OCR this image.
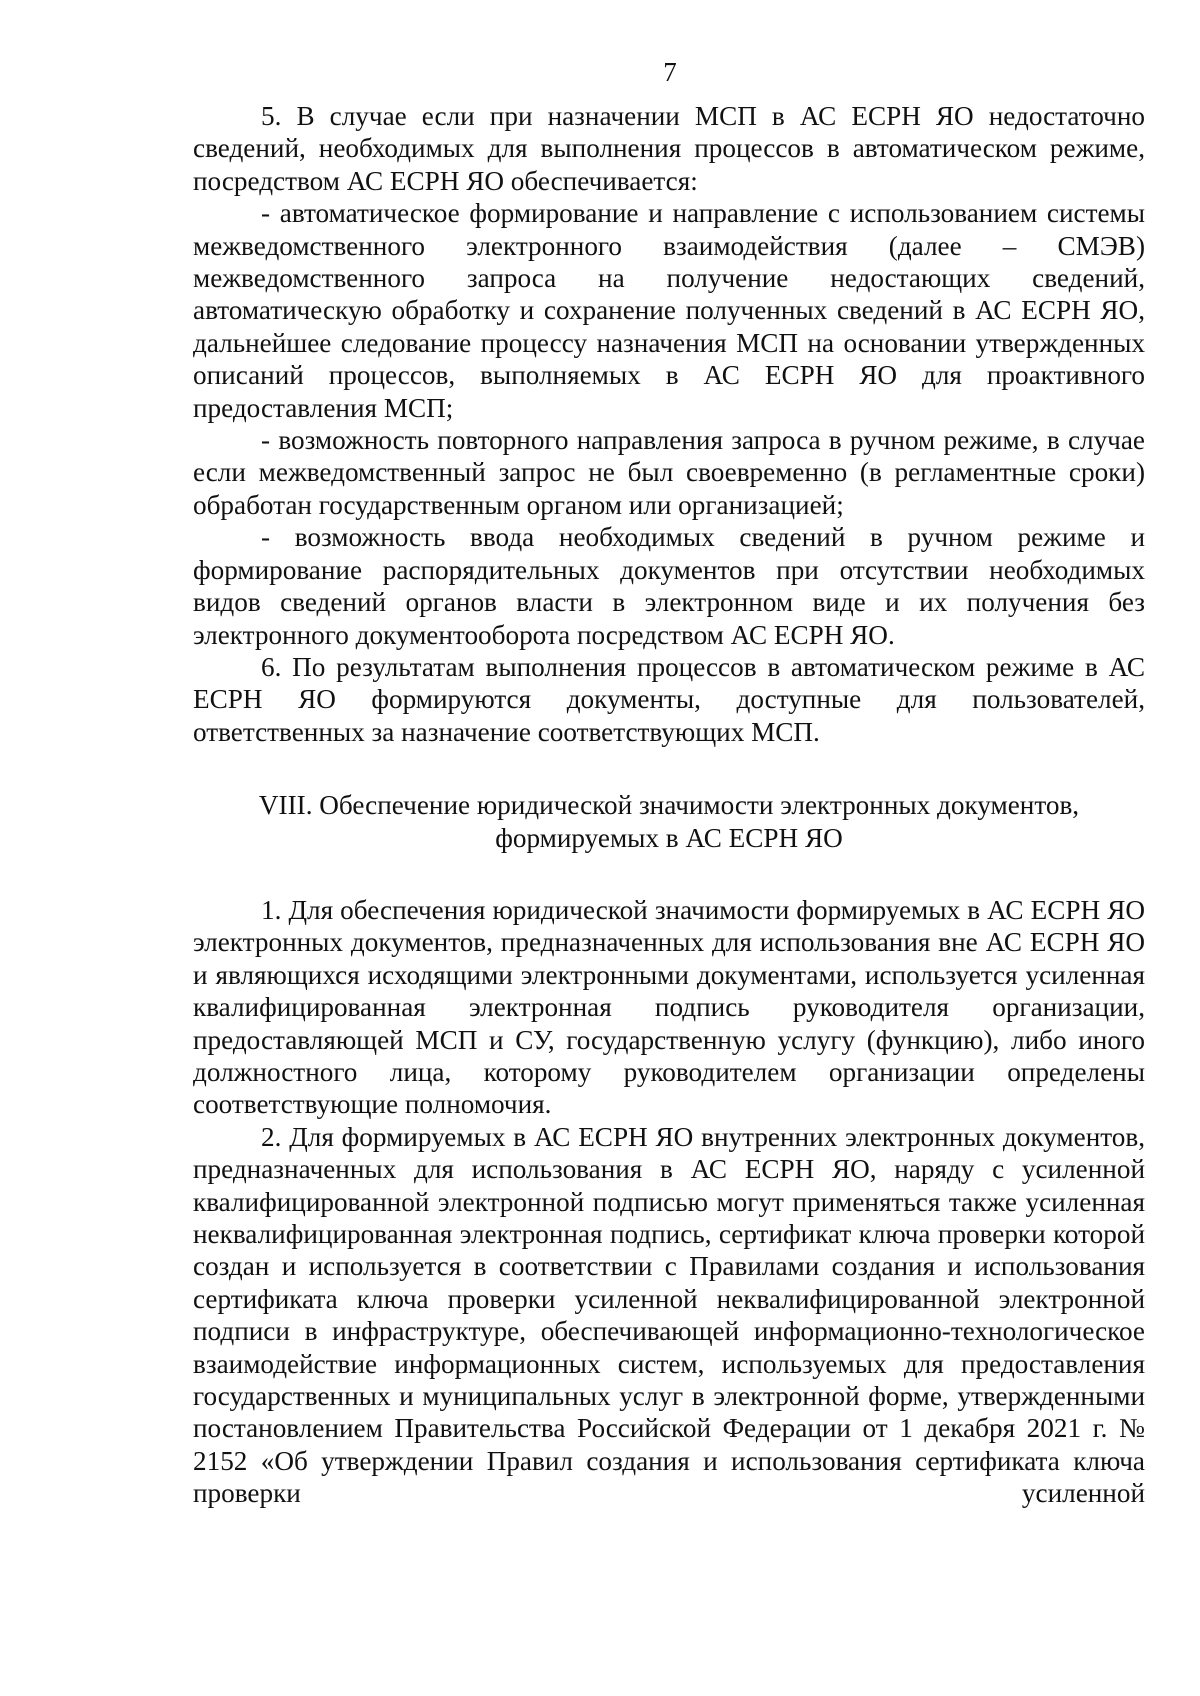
7

5. В случае если при назначении МСП в АС ЕСРН ЯО недостаточно сведений, необходимых для выполнения процессов в автоматическом режиме, посредством АС ЕСРН ЯО обеспечивается:

- автоматическое формирование и направление с использованием системы межведомственного электронного взаимодействия (далее – СМЭВ) межведомственного запроса на получение недостающих сведений, автоматическую обработку и сохранение полученных сведений в АС ЕСРН ЯО, дальнейшее следование процессу назначения МСП на основании утвержденных описаний процессов, выполняемых в АС ЕСРН ЯО для проактивного предоставления МСП;

- возможность повторного направления запроса в ручном режиме, в случае если межведомственный запрос не был своевременно (в регламентные сроки) обработан государственным органом или организацией;

- возможность ввода необходимых сведений в ручном режиме и формирование распорядительных документов при отсутствии необходимых видов сведений органов власти в электронном виде и их получения без электронного документооборота посредством АС ЕСРН ЯО.

6. По результатам выполнения процессов в автоматическом режиме в АС ЕСРН ЯО формируются документы, доступные для пользователей, ответственных за назначение соответствующих МСП.

VIII. Обеспечение юридической значимости электронных документов,
формируемых в АС ЕСРН ЯО

1. Для обеспечения юридической значимости формируемых в АС ЕСРН ЯО электронных документов, предназначенных для использования вне АС ЕСРН ЯО и являющихся исходящими электронными документами, используется усиленная квалифицированная электронная подпись руководителя организации, предоставляющей МСП и СУ, государственную услугу (функцию), либо иного должностного лица, которому руководителем организации определены соответствующие полномочия.

2. Для формируемых в АС ЕСРН ЯО внутренних электронных документов, предназначенных для использования в АС ЕСРН ЯО, наряду с усиленной квалифицированной электронной подписью могут применяться также усиленная неквалифицированная электронная подпись, сертификат ключа проверки которой создан и используется в соответствии с Правилами создания и использования сертификата ключа проверки усиленной неквалифицированной электронной подписи в инфраструктуре, обеспечивающей информационно-технологическое взаимодействие информационных систем, используемых для предоставления государственных и муниципальных услуг в электронной форме, утвержденными постановлением Правительства Российской Федерации от 1 декабря 2021 г. № 2152 «Об утверждении Правил создания и использования сертификата ключа проверки усиленной
